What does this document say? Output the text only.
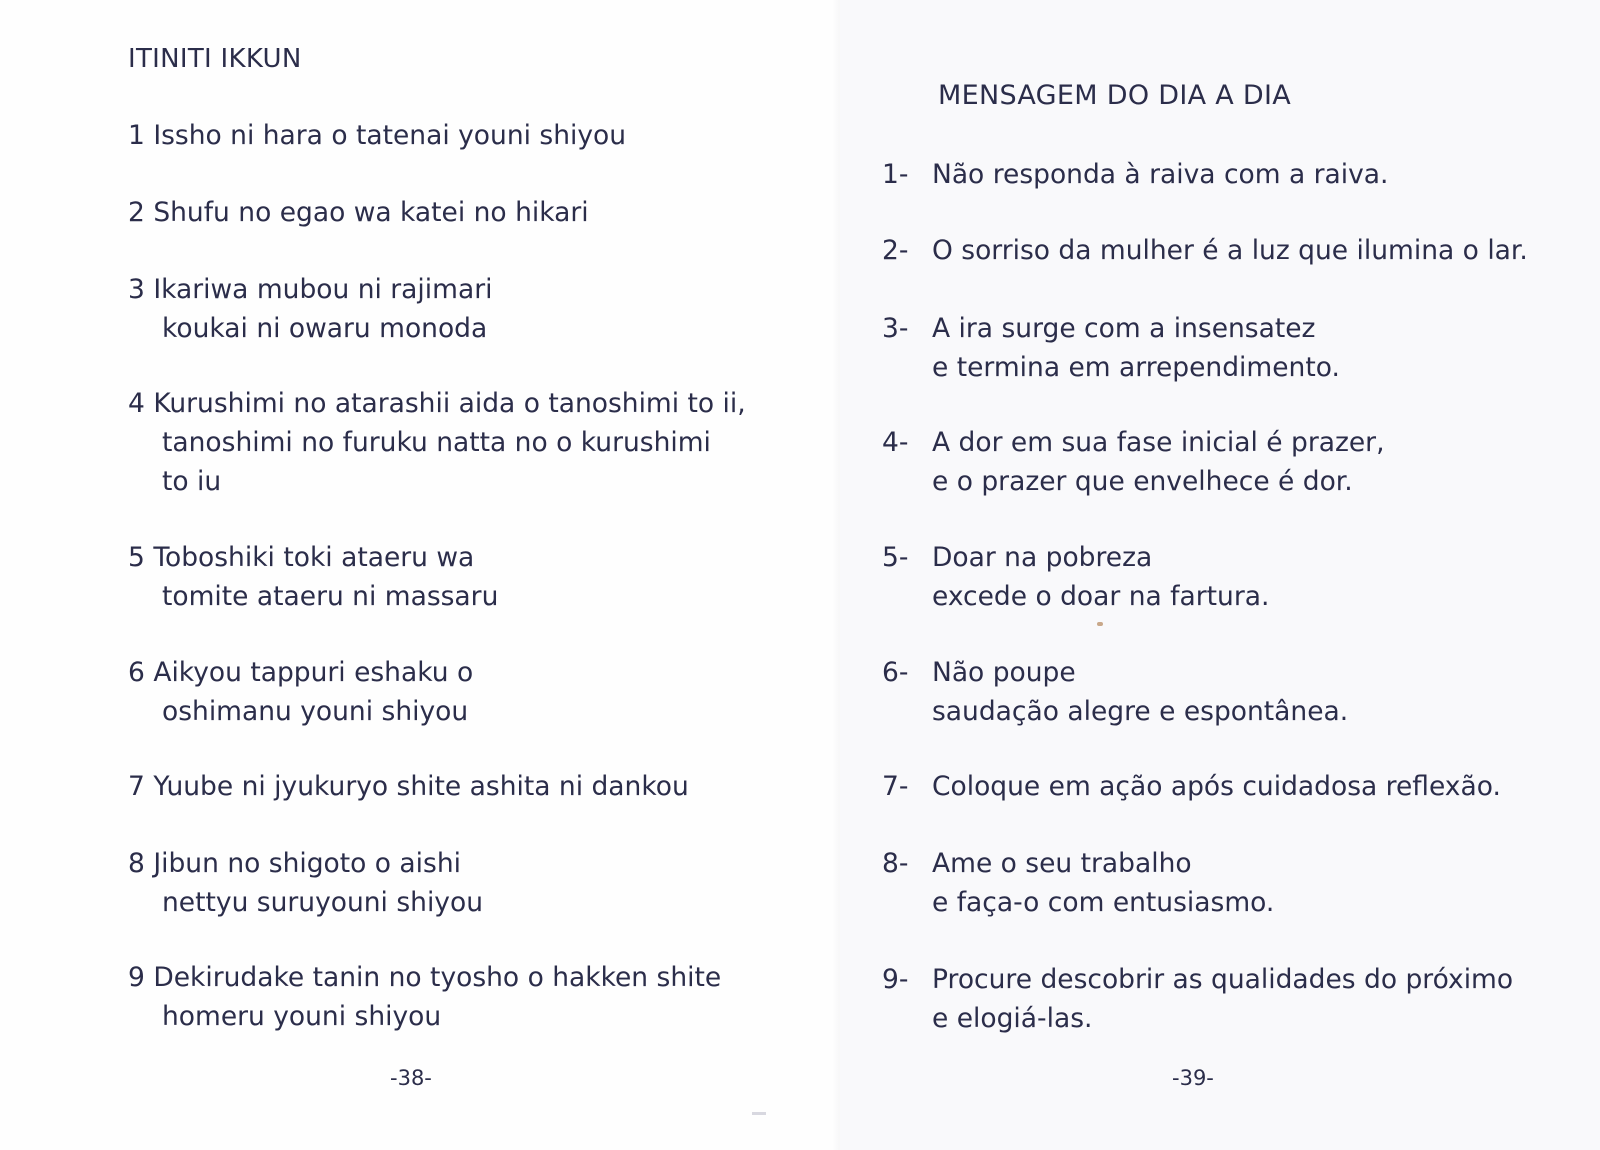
ITINITI IKKUN
1 Issho ni hara o tatenai youni shiyou
2 Shufu no egao wa katei no hikari
3 Ikariwa mubou ni rajimari
koukai ni owaru monoda
4 Kurushimi no atarashii aida o tanoshimi to ii,
tanoshimi no furuku natta no o kurushimi
to iu
5 Toboshiki toki ataeru wa
tomite ataeru ni massaru
6 Aikyou tappuri eshaku o
oshimanu youni shiyou
7 Yuube ni jyukuryo shite ashita ni dankou
8 Jibun no shigoto o aishi
nettyu suruyouni shiyou
9 Dekirudake tanin no tyosho o hakken shite
homeru youni shiyou
-38-
MENSAGEM DO DIA A DIA
1- Não responda à raiva com a raiva.
2- O sorriso da mulher é a luz que ilumina o lar.
3- A ira surge com a insensatez
e termina em arrependimento.
4- A dor em sua fase inicial é prazer,
e o prazer que envelhece é dor.
5- Doar na pobreza
excede o doar na fartura.
6- Não poupe
saudação alegre e espontânea.
7- Coloque em ação após cuidadosa reflexão.
8- Ame o seu trabalho
e faça-o com entusiasmo.
9- Procure descobrir as qualidades do próximo
e elogiá-las.
-39-
